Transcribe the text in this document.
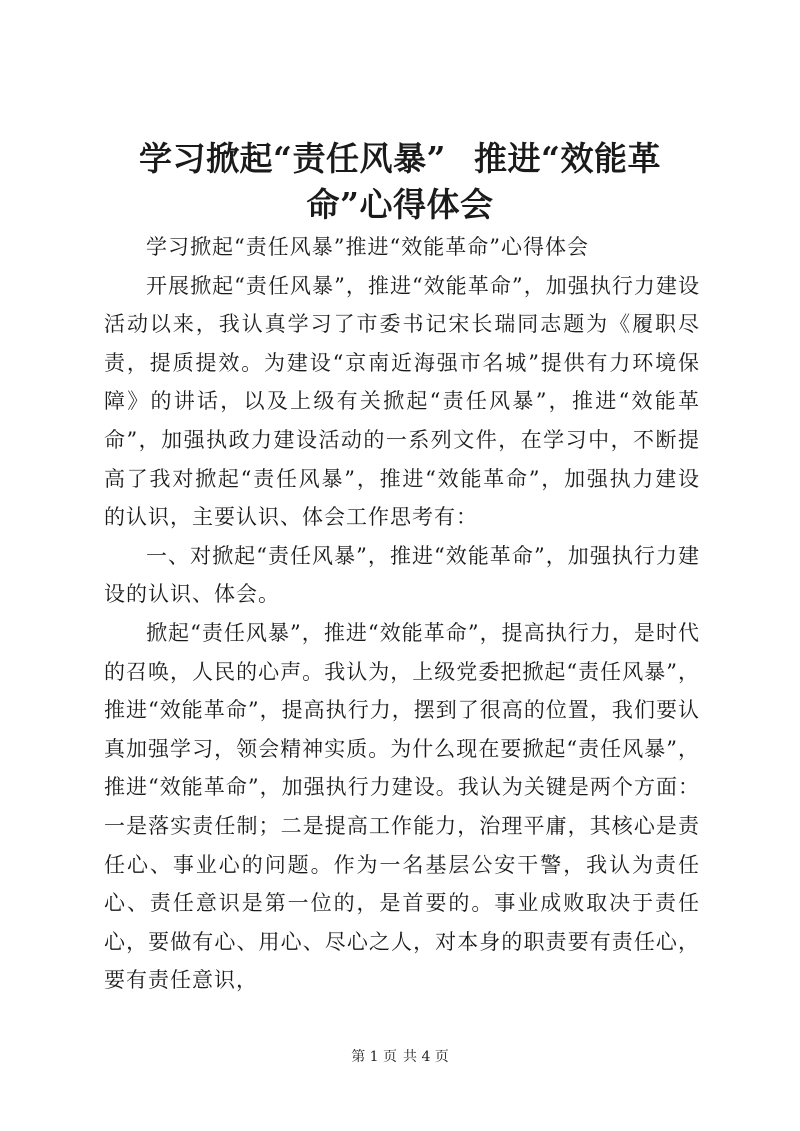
学习掀起“责任风暴” 推进“效能革命”心得体会

学习掀起“责任风暴”推进“效能革命”心得体会

开展掀起“责任风暴”，推进“效能革命”，加强执行力建设活动以来，我认真学习了市委书记宋长瑞同志题为《履职尽责，提质提效。为建设“京南近海强市名城”提供有力环境保障》的讲话，以及上级有关掀起“责任风暴”，推进“效能革命”，加强执政力建设活动的一系列文件，在学习中，不断提高了我对掀起“责任风暴”，推进“效能革命”，加强执力建设的认识，主要认识、体会工作思考有：

一、对掀起“责任风暴”，推进“效能革命”，加强执行力建设的认识、体会。

掀起“责任风暴”，推进“效能革命”，提高执行力，是时代的召唤，人民的心声。我认为，上级党委把掀起“责任风暴”，推进“效能革命”，提高执行力，摆到了很高的位置，我们要认真加强学习，领会精神实质。为什么现在要掀起“责任风暴”，推进“效能革命”，加强执行力建设。我认为关键是两个方面：一是落实责任制；二是提高工作能力，治理平庸，其核心是责任心、事业心的问题。作为一名基层公安干警，我认为责任心、责任意识是第一位的，是首要的。事业成败取决于责任心，要做有心、用心、尽心之人，对本身的职责要有责任心，要有责任意识，

第 1 页 共 4 页
